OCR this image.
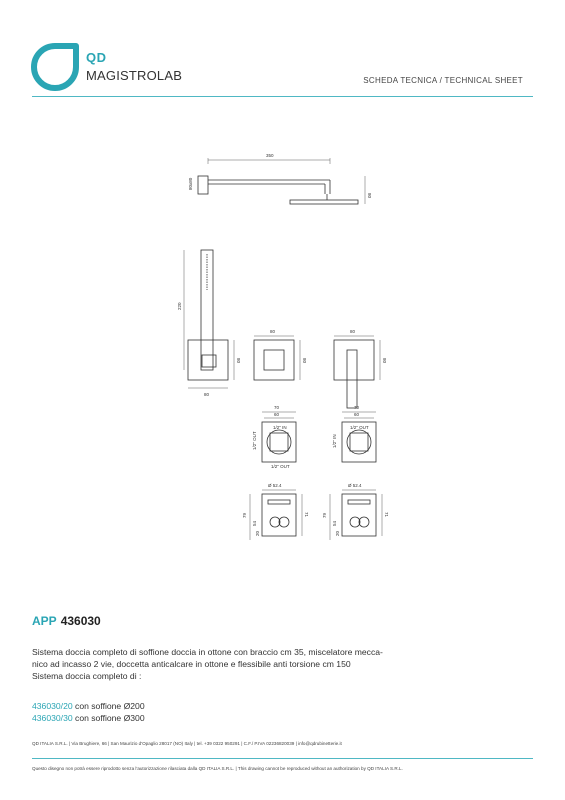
QD
MAGISTROLAB	SCHEDA TECNICA / TECHNICAL SHEET
350
80
80x80
220
80
80
80
80
80
80
70
60
1/2" IN
1/2" OUT
1/2" OUT
70
60
1/2" OUT
1/2" IN
Ø 52.4
79
54
20
71
Ø 52.4
79
54
20
71
APP 436030

Sistema doccia completo di soffione doccia in ottone con braccio cm 35, miscelatore mecca-

nico ad incasso 2 vie, doccetta anticalcare in ottone e flessibile anti torsione cm 150

Sistema doccia completo di :

436030/20 con soffione Ø200
436030/30 con soffione Ø300
QD ITALIA S.R.L. | Via Brughiere, 66 | San Maurizio d'Opaglio 28017 (NO) Italy | tel. +39 0322 950291 | C.F./ P.IVA 02236820039 | info@qdrubinetterie.it
Questo disegno non potrà essere riprodotto senza l'autorizzazione rilasciata dalla QD ITALIA S.R.L. | This drawing cannot be reproduced without an authorization by QD ITALIA S.R.L.
